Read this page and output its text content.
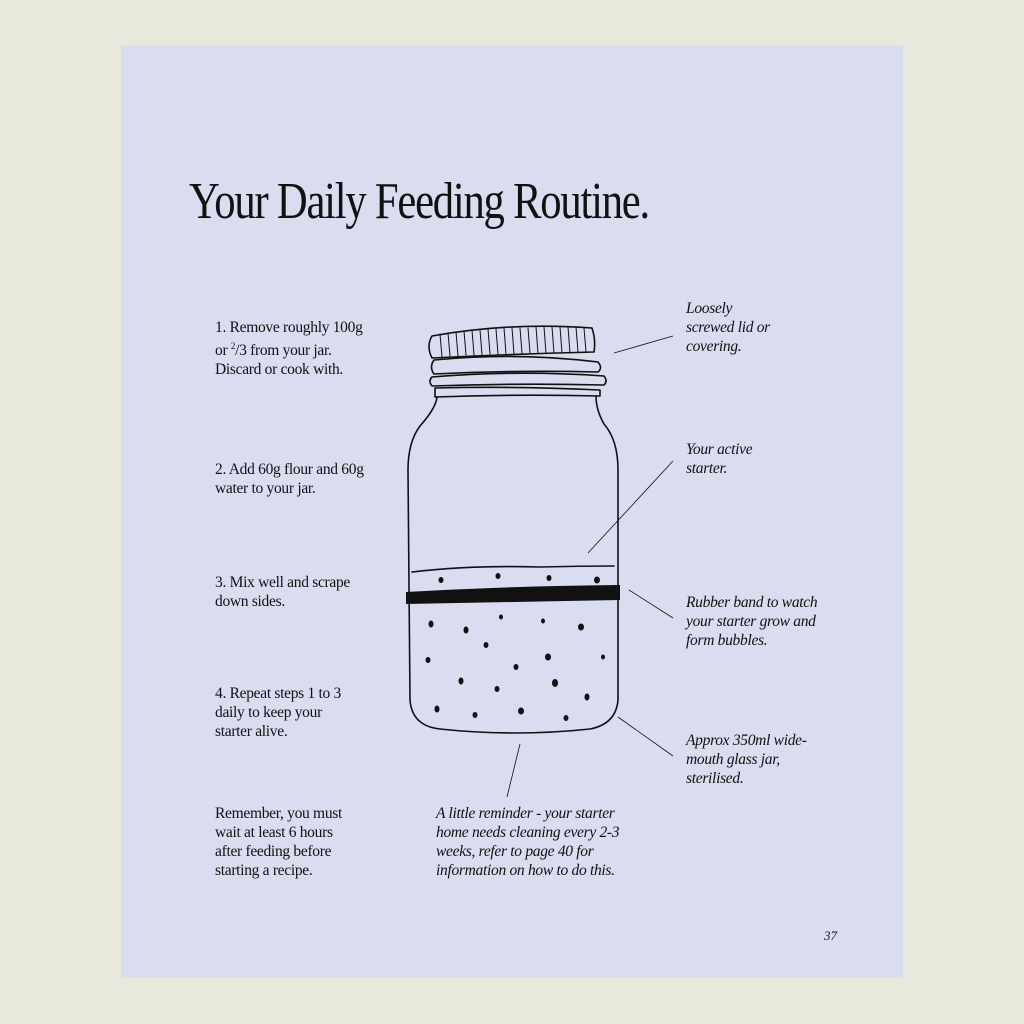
Your Daily Feeding Routine.
1. Remove roughly 100g or $^2$/3 from your jar. Discard or cook with.
2. Add 60g flour and 60g water to your jar.
3. Mix well and scrape down sides.
4. Repeat steps 1 to 3 daily to keep your starter alive.
Remember, you must wait at least 6 hours after feeding before starting a recipe.
Loosely screwed lid or covering.
Your active starter.
Rubber band to watch your starter grow and form bubbles.
Approx 350ml wide-mouth glass jar, sterilised.
A little reminder - your starter home needs cleaning every 2-3 weeks, refer to page 40 for information on how to do this.
37
